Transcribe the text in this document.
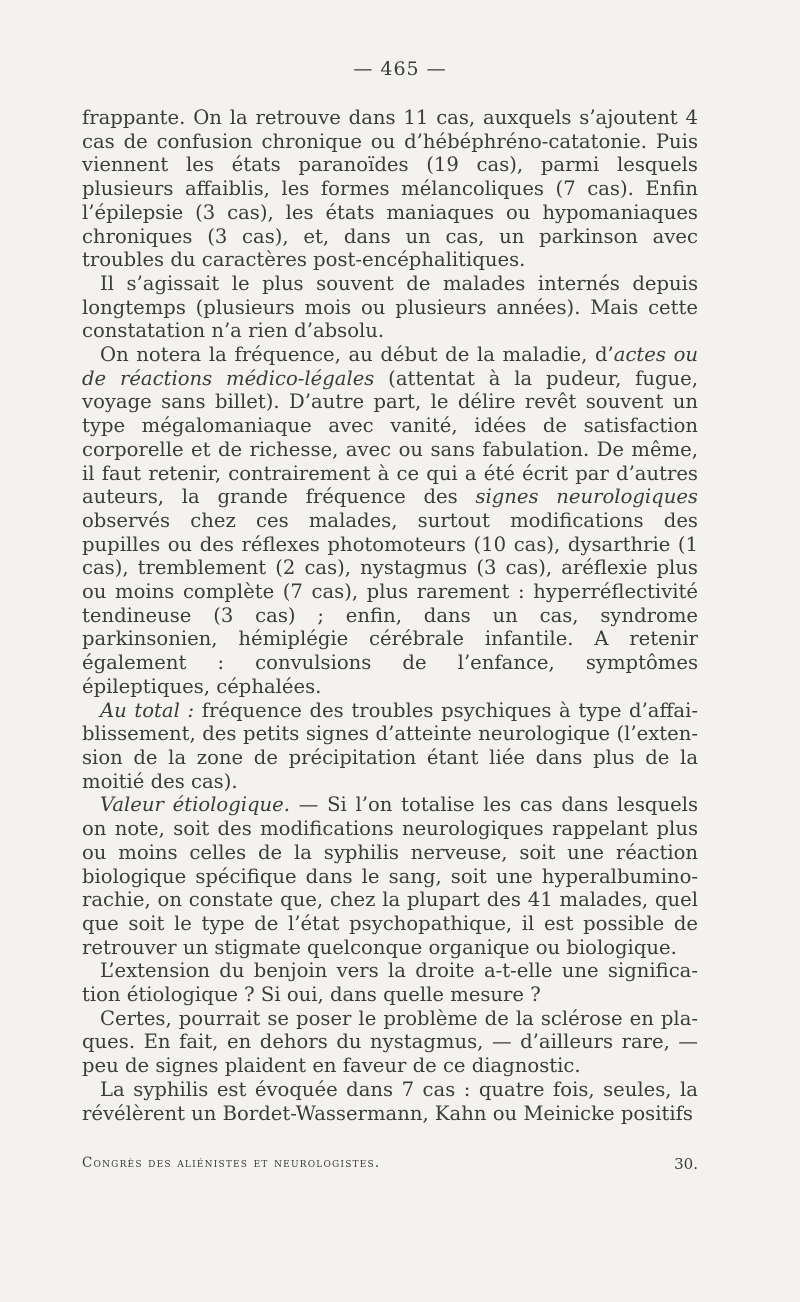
— 465 —

frappante. On la retrouve dans 11 cas, auxquels s’ajoutent 4 cas de confusion chronique ou d’hébéphréno-catatonie. Puis viennent les états paranoïdes (19 cas), parmi lesquels plusieurs affaiblis, les formes mélancoliques (7 cas). Enfin l’épilepsie (3 cas), les états maniaques ou hypomaniaques chroniques (3 cas), et, dans un cas, un parkinson avec troubles du caractères post-encéphalitiques.

Il s’agissait le plus souvent de malades internés depuis longtemps (plusieurs mois ou plusieurs années). Mais cette constatation n’a rien d’absolu.

On notera la fréquence, au début de la maladie, d’actes ou de réactions médico-légales (attentat à la pudeur, fugue, voyage sans billet). D’autre part, le délire revêt souvent un type mégalomaniaque avec vanité, idées de satisfaction corporelle et de richesse, avec ou sans fabulation. De même, il faut retenir, contrairement à ce qui a été écrit par d’autres auteurs, la grande fréquence des signes neurologiques observés chez ces malades, surtout modifications des pupilles ou des réflexes photomoteurs (10 cas), dysarthrie (1 cas), tremblement (2 cas), nystagmus (3 cas), aréflexie plus ou moins complète (7 cas), plus rarement : hyperréflectivité tendineuse (3 cas) ; enfin, dans un cas, syndrome parkinsonien, hémiplégie cérébrale infantile. A retenir également : convulsions de l’enfance, symptômes épileptiques, céphalées.

Au total : fréquence des troubles psychiques à type d’affaiblissement, des petits signes d’atteinte neurologique (l’extension de la zone de précipitation étant liée dans plus de la moitié des cas).

Valeur étiologique. — Si l’on totalise les cas dans lesquels on note, soit des modifications neurologiques rappelant plus ou moins celles de la syphilis nerveuse, soit une réaction biologique spécifique dans le sang, soit une hyperalbuminorachie, on constate que, chez la plupart des 41 malades, quel que soit le type de l’état psychopathique, il est possible de retrouver un stigmate quelconque organique ou biologique.

L’extension du benjoin vers la droite a-t-elle une signification étiologique ? Si oui, dans quelle mesure ?

Certes, pourrait se poser le problème de la sclérose en plaques. En fait, en dehors du nystagmus, — d’ailleurs rare, — peu de signes plaident en faveur de ce diagnostic.

La syphilis est évoquée dans 7 cas : quatre fois, seules, la révélèrent un Bordet-Wassermann, Kahn ou Meinicke positifs

Congrès des aliénistes et neurologistes.	30.
